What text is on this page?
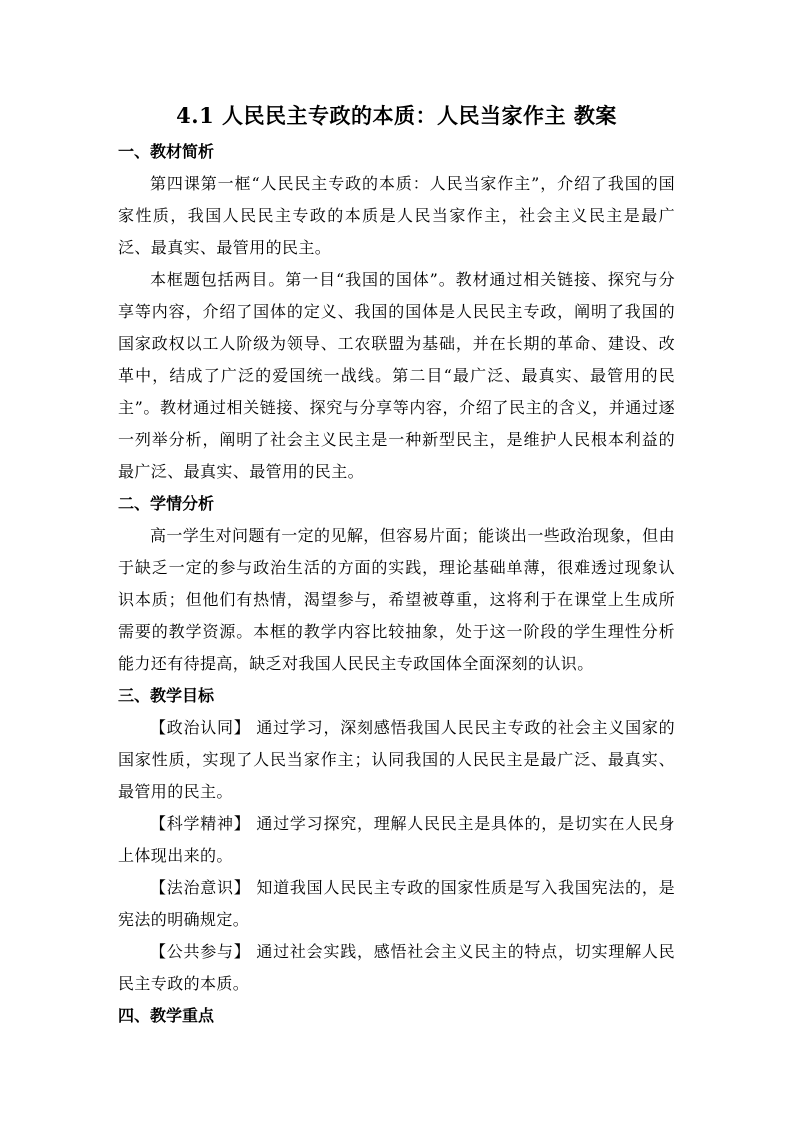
4.1 人民民主专政的本质：人民当家作主 教案
一、教材简析

第四课第一框“人民民主专政的本质：人民当家作主”，介绍了我国的国家性质，我国人民民主专政的本质是人民当家作主，社会主义民主是最广泛、最真实、最管用的民主。

本框题包括两目。第一目“我国的国体”。教材通过相关链接、探究与分享等内容，介绍了国体的定义、我国的国体是人民民主专政，阐明了我国的国家政权以工人阶级为领导、工农联盟为基础，并在长期的革命、建设、改革中，结成了广泛的爱国统一战线。第二目“最广泛、最真实、最管用的民主”。教材通过相关链接、探究与分享等内容，介绍了民主的含义，并通过逐一列举分析，阐明了社会主义民主是一种新型民主，是维护人民根本利益的最广泛、最真实、最管用的民主。

二、学情分析

高一学生对问题有一定的见解，但容易片面；能谈出一些政治现象，但由于缺乏一定的参与政治生活的方面的实践，理论基础单薄，很难透过现象认识本质；但他们有热情，渴望参与，希望被尊重，这将利于在课堂上生成所需要的教学资源。本框的教学内容比较抽象，处于这一阶段的学生理性分析能力还有待提高，缺乏对我国人民民主专政国体全面深刻的认识。

三、教学目标

【政治认同】 通过学习，深刻感悟我国人民民主专政的社会主义国家的国家性质，实现了人民当家作主；认同我国的人民民主是最广泛、最真实、最管用的民主。

【科学精神】 通过学习探究，理解人民民主是具体的，是切实在人民身上体现出来的。

【法治意识】 知道我国人民民主专政的国家性质是写入我国宪法的，是宪法的明确规定。

【公共参与】 通过社会实践，感悟社会主义民主的特点，切实理解人民民主专政的本质。

四、教学重点
